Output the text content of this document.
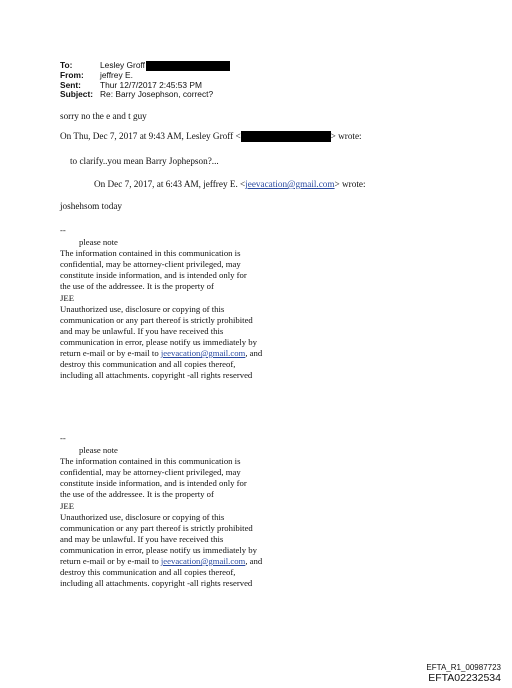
To:	Lesley Groff
From:	jeffrey E.
Sent:	Thur 12/7/2017 2:45:53 PM
Subject: Re: Barry Josephson, correct?
sorry no the e and t guy
On Thu, Dec 7, 2017 at 9:43 AM, Lesley Groff <	> wrote:
to clarify..you mean Barry Jophepson?...
On Dec 7, 2017, at 6:43 AM, jeffrey E. <jeevacation@gmail.com> wrote:
joshehsom today
--
please note
The information contained in this communication is
confidential, may be attorney-client privileged, may
constitute inside information, and is intended only for
the use of the addressee. It is the property of
JEE
Unauthorized use, disclosure or copying of this
communication or any part thereof is strictly prohibited
and may be unlawful. If you have received this
communication in error, please notify us immediately by
return e-mail or by e-mail to jeevacation@gmail.com, and
destroy this communication and all copies thereof,
including all attachments. copyright -all rights reserved
--
please note
The information contained in this communication is
confidential, may be attorney-client privileged, may
constitute inside information, and is intended only for
the use of the addressee. It is the property of
JEE
Unauthorized use, disclosure or copying of this
communication or any part thereof is strictly prohibited
and may be unlawful. If you have received this
communication in error, please notify us immediately by
return e-mail or by e-mail to jeevacation@gmail.com, and
destroy this communication and all copies thereof,
including all attachments. copyright -all rights reserved
EFTA_R1_00987723
EFTA02232534
